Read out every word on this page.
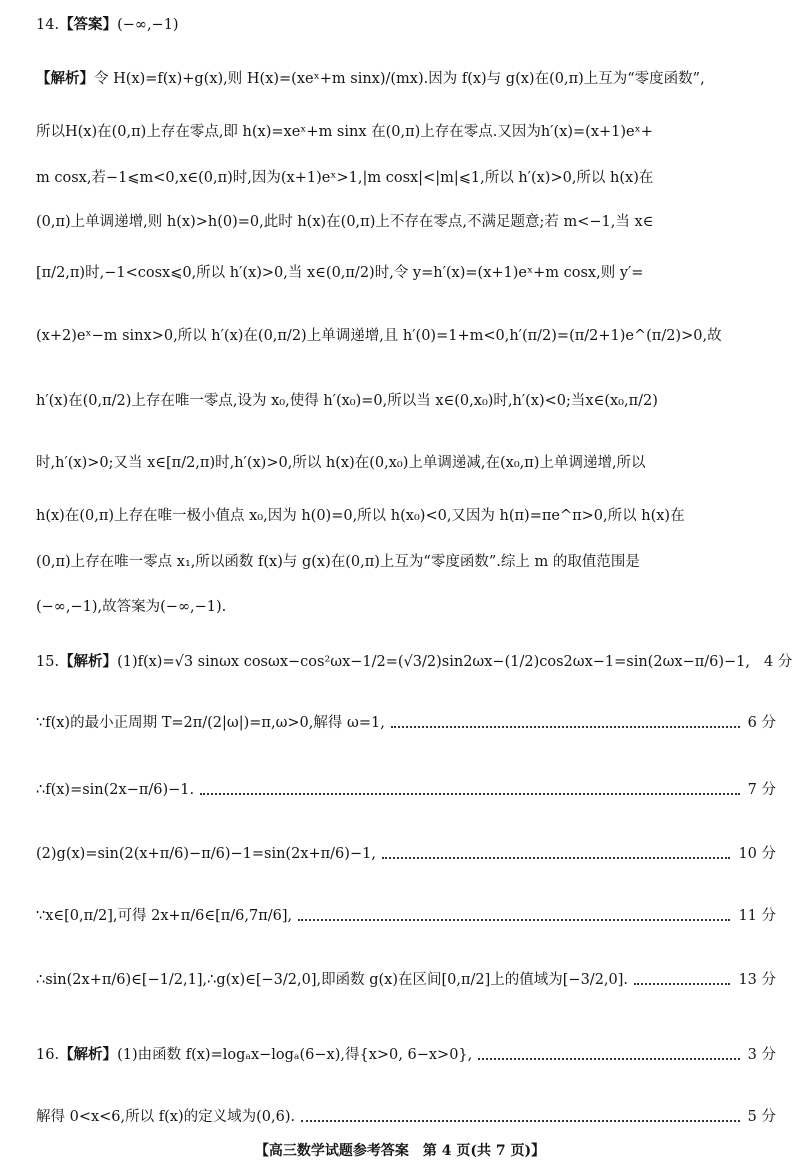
14.【答案】(−∞,−1)
【解析】令 H(x)=f(x)+g(x),则 H(x)=(xeˣ+m sinx)/(mx).因为 f(x)与 g(x)在(0,π)上互为“零度函数”,
所以H(x)在(0,π)上存在零点,即 h(x)=xeˣ+m sinx 在(0,π)上存在零点.又因为h′(x)=(x+1)eˣ+
m cosx,若−1⩽m<0,x∈(0,π)时,因为(x+1)eˣ>1,|m cosx|<|m|⩽1,所以 h′(x)>0,所以 h(x)在
(0,π)上单调递增,则 h(x)>h(0)=0,此时 h(x)在(0,π)上不存在零点,不满足题意;若 m<−1,当 x∈
[π/2,π)时,−1<cosx⩽0,所以 h′(x)>0,当 x∈(0,π/2)时,令 y=h′(x)=(x+1)eˣ+m cosx,则 y′=
(x+2)eˣ−m sinx>0,所以 h′(x)在(0,π/2)上单调递增,且 h′(0)=1+m<0,h′(π/2)=(π/2+1)e^(π/2)>0,故
h′(x)在(0,π/2)上存在唯一零点,设为 x₀,使得 h′(x₀)=0,所以当 x∈(0,x₀)时,h′(x)<0;当x∈(x₀,π/2)
时,h′(x)>0;又当 x∈[π/2,π)时,h′(x)>0,所以 h(x)在(0,x₀)上单调递减,在(x₀,π)上单调递增,所以
h(x)在(0,π)上存在唯一极小值点 x₀,因为 h(0)=0,所以 h(x₀)<0,又因为 h(π)=πe^π>0,所以 h(x)在
(0,π)上存在唯一零点 x₁,所以函数 f(x)与 g(x)在(0,π)上互为“零度函数”.综上 m 的取值范围是
(−∞,−1),故答案为(−∞,−1).
15. 【解析】 (1)f(x)=√3 sinωx cosωx−cos²ωx−1/2=(√3/2)sin2ωx−(1/2)cos2ωx−1=sin(2ωx−π/6)−1, 4 分
∵f(x)的最小正周期 T=2π/(2|ω|)=π,ω>0,解得 ω=1,	6 分
∴f(x)=sin(2x−π/6)−1.	7 分
(2)g(x)=sin(2(x+π/6)−π/6)−1=sin(2x+π/6)−1,	10 分
∵x∈[0,π/2],可得 2x+π/6∈[π/6,7π/6],	11 分
∴sin(2x+π/6)∈[−1/2,1],∴g(x)∈[−3/2,0],即函数 g(x)在区间[0,π/2]上的值域为[−3/2,0].	13 分
16. 【解析】 (1)由函数 f(x)=logₐx−logₐ(6−x),得{x>0, 6−x>0},	3 分
解得 0<x<6,所以 f(x)的定义域为(0,6).	5 分
【高三数学试题参考答案　第 4 页(共 7 页)】
